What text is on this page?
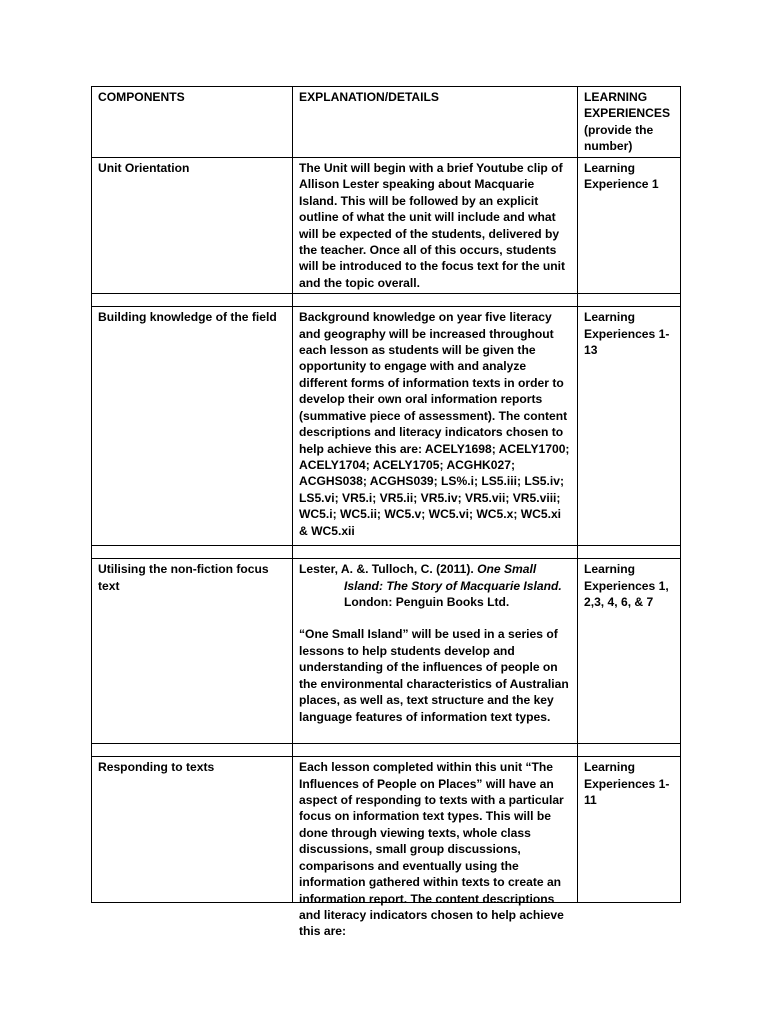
COMPONENTS	EXPLANATION/DETAILS	LEARNING EXPERIENCES (provide the number)
Unit Orientation	The Unit will begin with a brief Youtube clip of Allison Lester speaking about Macquarie Island. This will be followed by an explicit outline of what the unit will include and what will be expected of the students, delivered by the teacher. Once all of this occurs, students will be introduced to the focus text for the unit and the topic overall.	Learning Experience 1

Building knowledge of the field	Background knowledge on year five literacy and geography will be increased throughout each lesson as students will be given the opportunity to engage with and analyze different forms of information texts in order to develop their own oral information reports (summative piece of assessment). The content descriptions and literacy indicators chosen to help achieve this are: ACELY1698; ACELY1700; ACELY1704; ACELY1705; ACGHK027; ACGHS038; ACGHS039; LS%.i; LS5.iii; LS5.iv; LS5.vi; VR5.i; VR5.ii; VR5.iv; VR5.vii; VR5.viii; WC5.i; WC5.ii; WC5.v; WC5.vi; WC5.x; WC5.xi & WC5.xii	Learning Experiences 1-13

Utilising the non-fiction focus text	Lester, A. &. Tulloch, C. (2011). One Small
Island: The Story of Macquarie Island.
London: Penguin Books Ltd.
“One Small Island” will be used in a series of lessons to help students develop and understanding of the influences of people on the environmental characteristics of Australian places, as well as, text structure and the key language features of information text types.	Learning Experiences 1, 2,3, 4, 6, & 7

Responding to texts	Each lesson completed within this unit “The Influences of People on Places” will have an aspect of responding to texts with a particular focus on information text types. This will be done through viewing texts, whole class discussions, small group discussions, comparisons and eventually using the information gathered within texts to create an information report. The content descriptions and literacy indicators chosen to help achieve this are:	Learning Experiences 1-11
